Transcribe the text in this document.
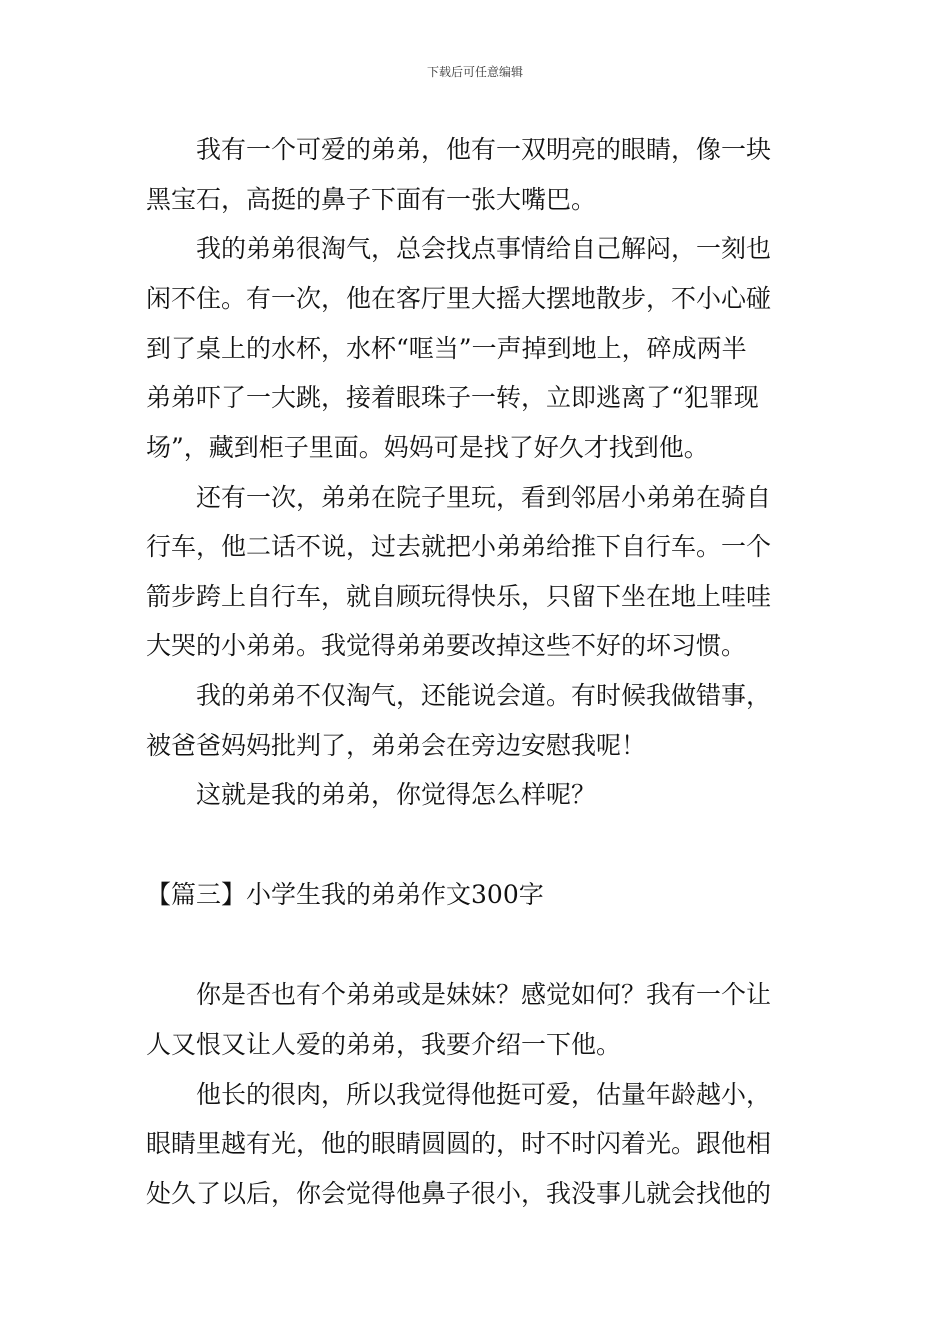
下载后可任意编辑
我有一个可爱的弟弟，他有一双明亮的眼睛，像一块
黑宝石，高挺的鼻子下面有一张大嘴巴。
我的弟弟很淘气，总会找点事情给自己解闷，一刻也
闲不住。有一次，他在客厅里大摇大摆地散步，不小心碰
到了桌上的水杯，水杯“哐当”一声掉到地上，碎成两半
弟弟吓了一大跳，接着眼珠子一转，立即逃离了“犯罪现
场”，藏到柜子里面。妈妈可是找了好久才找到他。
还有一次，弟弟在院子里玩，看到邻居小弟弟在骑自
行车，他二话不说，过去就把小弟弟给推下自行车。一个
箭步跨上自行车，就自顾玩得快乐，只留下坐在地上哇哇
大哭的小弟弟。我觉得弟弟要改掉这些不好的坏习惯。
我的弟弟不仅淘气，还能说会道。有时候我做错事，
被爸爸妈妈批判了，弟弟会在旁边安慰我呢！
这就是我的弟弟，你觉得怎么样呢？
【篇三】小学生我的弟弟作文300字
你是否也有个弟弟或是妹妹？感觉如何？我有一个让
人又恨又让人爱的弟弟，我要介绍一下他。
他长的很肉，所以我觉得他挺可爱，估量年龄越小，
眼睛里越有光，他的眼睛圆圆的，时不时闪着光。跟他相
处久了以后，你会觉得他鼻子很小，我没事儿就会找他的
